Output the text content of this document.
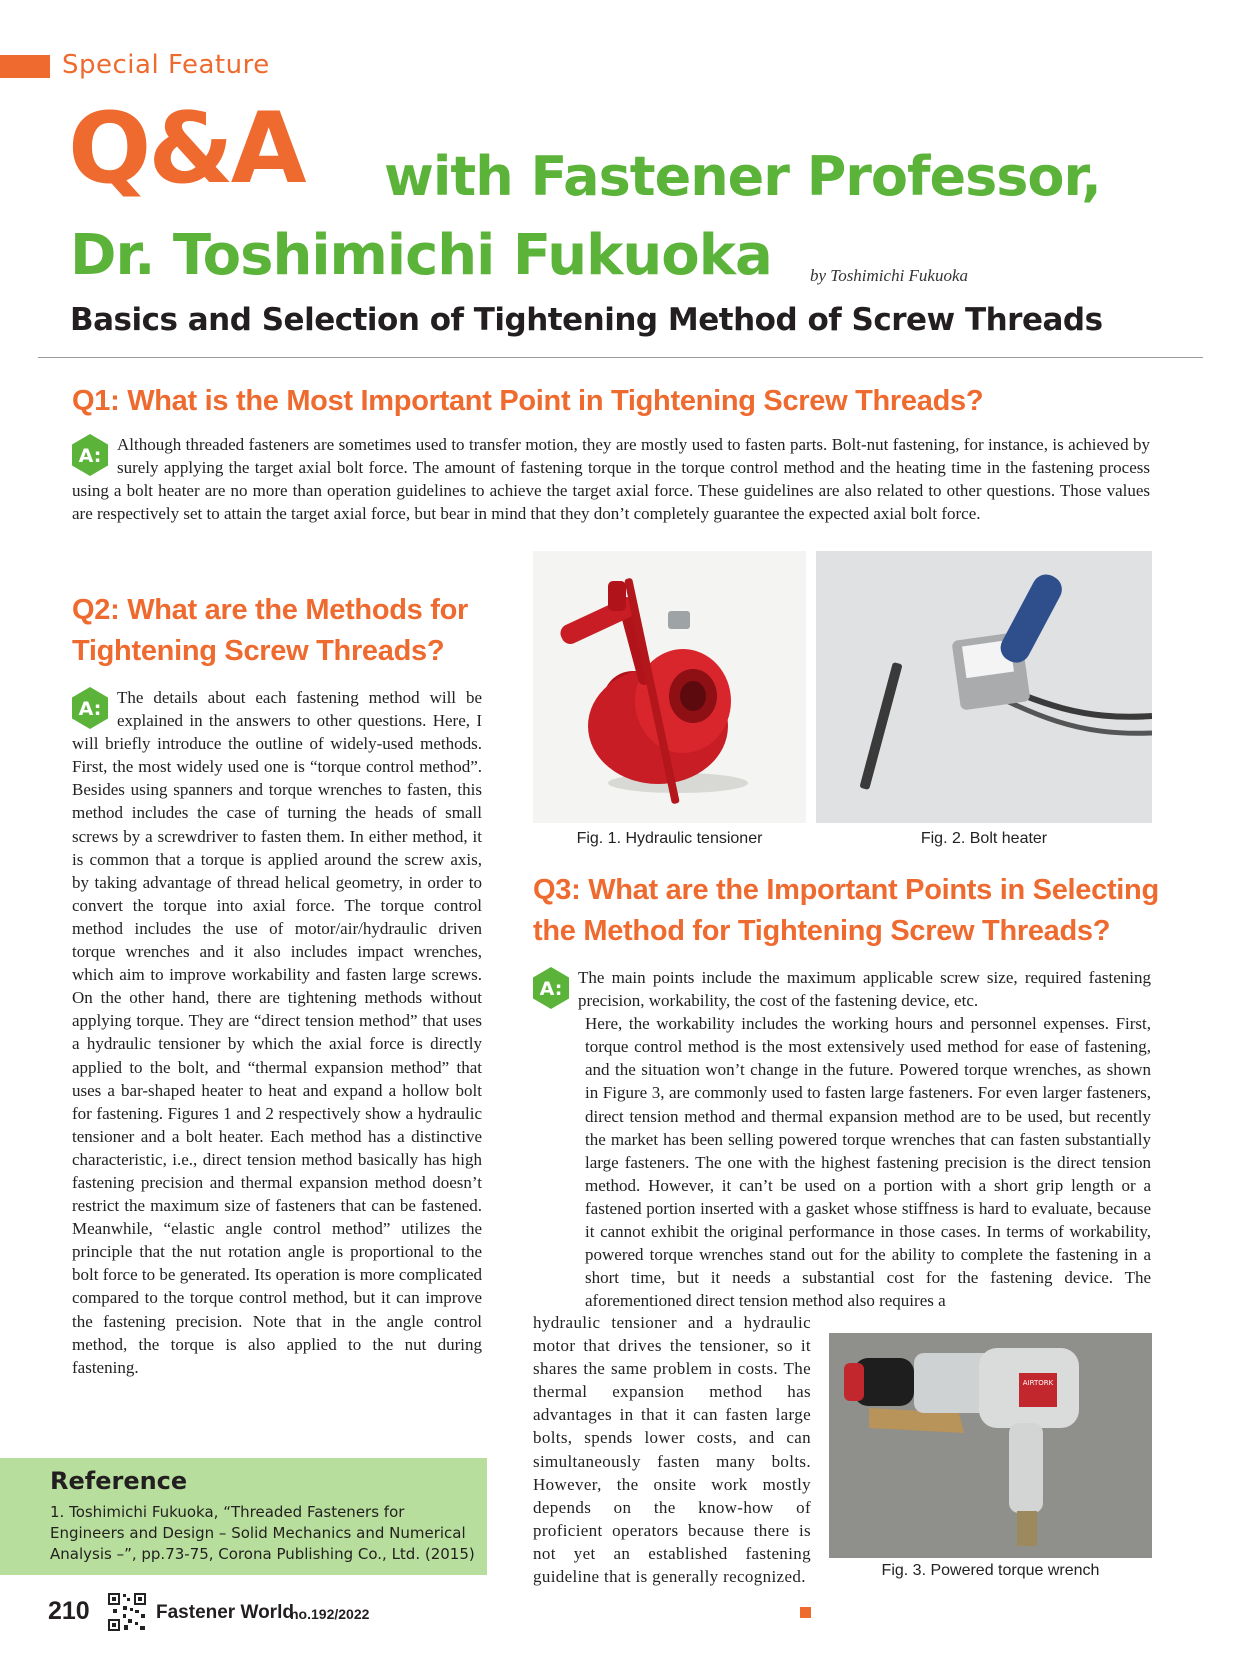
Special Feature
Q&A with Fastener Professor,
Dr. Toshimichi Fukuoka by Toshimichi Fukuoka
Basics and Selection of Tightening Method of Screw Threads
Q1: What is the Most Important Point in Tightening Screw Threads?
A:
Although threaded fasteners are sometimes used to transfer motion, they are mostly used to fasten parts. Bolt-nut fastening, for instance, is achieved by surely applying the target axial bolt force. The amount of fastening torque in the torque control method and the heating time in the fastening process using a bolt heater are no more than operation guidelines to achieve the target axial force. These guidelines are also related to other questions. Those values are respectively set to attain the target axial force, but bear in mind that they don’t completely guarantee the expected axial bolt force.
Q2: What are the Methods for Tightening Screw Threads?
A:
The details about each fastening method will be explained in the answers to other questions. Here, I will briefly introduce the outline of widely-used methods. First, the most widely used one is “torque control method”. Besides using spanners and torque wrenches to fasten, this method includes the case of turning the heads of small screws by a screwdriver to fasten them. In either method, it is common that a torque is applied around the screw axis, by taking advantage of thread helical geometry, in order to convert the torque into axial force. The torque control method includes the use of motor/air/hydraulic driven torque wrenches and it also includes impact wrenches, which aim to improve workability and fasten large screws. On the other hand, there are tightening methods without applying torque. They are “direct tension method” that uses a hydraulic tensioner by which the axial force is directly applied to the bolt, and “thermal expansion method” that uses a bar-shaped heater to heat and expand a hollow bolt for fastening. Figures 1 and 2 respectively show a hydraulic tensioner and a bolt heater. Each method has a distinctive characteristic, i.e., direct tension method basically has high fastening precision and thermal expansion method doesn’t restrict the maximum size of fasteners that can be fastened. Meanwhile, “elastic angle control method” utilizes the principle that the nut rotation angle is proportional to the bolt force to be generated. Its operation is more complicated compared to the torque control method, but it can improve the fastening precision. Note that in the angle control method, the torque is also applied to the nut during fastening.
Fig. 1. Hydraulic tensioner	Fig. 2. Bolt heater
Q3: What are the Important Points in Selecting the Method for Tightening Screw Threads?
A:
The main points include the maximum applicable screw size, required fastening precision, workability, the cost of the fastening device, etc.
Here, the workability includes the working hours and personnel expenses. First, torque control method is the most extensively used method for ease of fastening, and the situation won’t change in the future. Powered torque wrenches, as shown in Figure 3, are commonly used to fasten large fasteners. For even larger fasteners, direct tension method and thermal expansion method are to be used, but recently the market has been selling powered torque wrenches that can fasten substantially large fasteners. The one with the highest fastening precision is the direct tension method. However, it can’t be used on a portion with a short grip length or a fastened portion inserted with a gasket whose stiffness is hard to evaluate, because it cannot exhibit the original performance in those cases. In terms of workability, powered torque wrenches stand out for the ability to complete the fastening in a short time, but it needs a substantial cost for the fastening device. The aforementioned direct tension method also requires a
hydraulic tensioner and a hydraulic motor that drives the tensioner, so it shares the same problem in costs. The thermal expansion method has advantages in that it can fasten large bolts, spends lower costs, and can simultaneously fasten many bolts. However, the onsite work mostly depends on the know-how of proficient operators because there is not yet an established fastening guideline that is generally recognized.
AIRTORK
Fig. 3. Powered torque wrench
Reference
1. Toshimichi Fukuoka, “Threaded Fasteners for Engineers and Design – Solid Mechanics and Numerical Analysis –”, pp.73-75, Corona Publishing Co., Ltd. (2015)
210	Fastener World
no.192/2022
